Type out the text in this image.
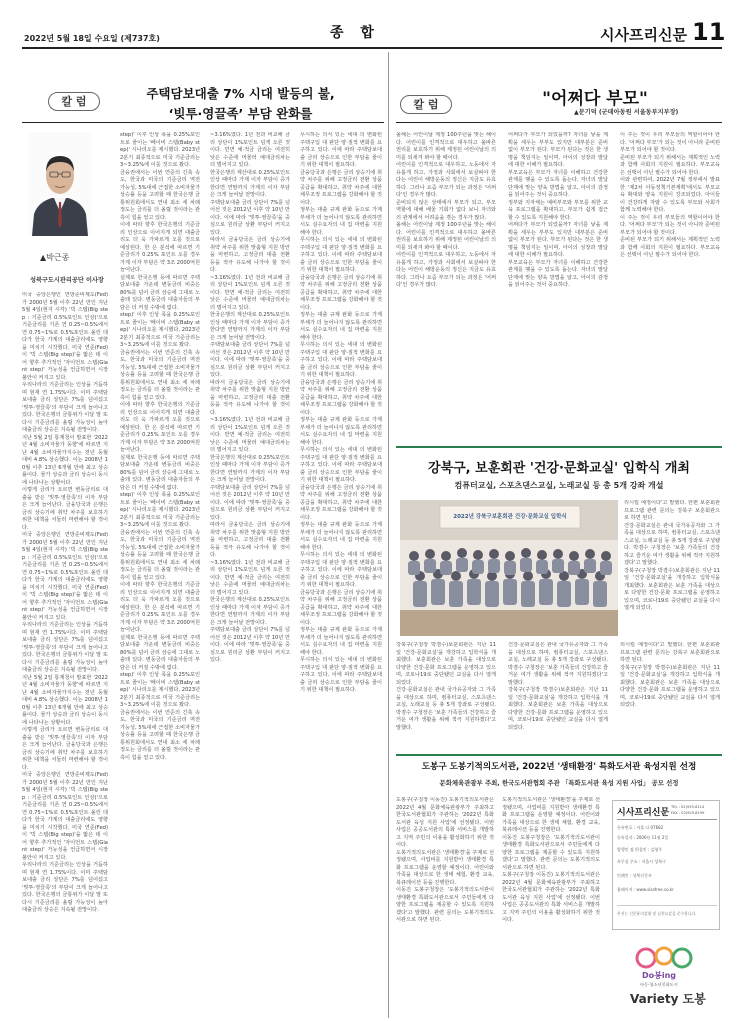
2022년 5월 18일 수요일 (제737호)	종 합	시사프리신문 11
칼 럼
주택담보대출 7% 시대 발등의 불,
‘빚투·영끌족’ 부담 완화를
▲박근종
성북구도시관리공단 이사장

미국 중앙은행인 연방준비제도(Fed)가 2000년 5월 이후 22년 만인 지난 5월 4일(현지 시각) '빅 스텝(Big step : 기준금리 0.5%포인트 인상)'으로 기준금리를 기존 연 0.25~0.5%에서 연 0.75~1%로 0.5%포인트 올린 데다가 한국 가계의 대출금리에도 영향을 미치기 시작했다. 미국 연준(Fed)이 '빅 스텝(Big step)'을 밟은 데 이어 향후 추가적인 '자이언트 스텝(Giant step)' 가능성을 언급하면서 시장 불안이 커지고 있다.

우리나라의 기준금리는 인상을 거듭하며 현재 연 1.75%이다. 이미 주택담보대출 금리 상단은 7%를 넘어섰고 '빚투·영끌족'의 부담이 크게 늘어나고 있다. 한국은행의 금통위가 이달 말 또다시 기준금리를 올릴 가능성이 높아 대출금리 상승은 지속될 전망이다.

지난 5월 2일 통계청이 발표한 '2022년 4월 소비자물가 동향'에 따르면 지난 4월 소비자물가지수는 전년 동월 대비 4.8% 상승했다. 이는 2008년 10월 이후 13년 6개월 만에 최고 상승률이다. 물가 상승과 금리 상승이 동시에 나타나는 상황이다.

이렇게 금리가 오르면 변동금리로 대출을 받은 '빚투·영끌족'의 이자 부담은 크게 늘어난다. 금융당국과 은행은 금리 상승기에 취약 차주를 보호하기 위한 대책을 서둘러 마련해야 할 것이다.

미국 중앙은행인 연방준비제도(Fed)가 2000년 5월 이후 22년 만인 지난 5월 4일(현지 시각) '빅 스텝(Big step : 기준금리 0.5%포인트 인상)'으로 기준금리를 기존 연 0.25~0.5%에서 연 0.75~1%로 0.5%포인트 올린 데다가 한국 가계의 대출금리에도 영향을 미치기 시작했다. 미국 연준(Fed)이 '빅 스텝(Big step)'을 밟은 데 이어 향후 추가적인 '자이언트 스텝(Giant step)' 가능성을 언급하면서 시장 불안이 커지고 있다.

우리나라의 기준금리는 인상을 거듭하며 현재 연 1.75%이다. 이미 주택담보대출 금리 상단은 7%를 넘어섰고 '빚투·영끌족'의 부담이 크게 늘어나고 있다. 한국은행의 금통위가 이달 말 또다시 기준금리를 올릴 가능성이 높아 대출금리 상승은 지속될 전망이다.

지난 5월 2일 통계청이 발표한 '2022년 4월 소비자물가 동향'에 따르면 지난 4월 소비자물가지수는 전년 동월 대비 4.8% 상승했다. 이는 2008년 10월 이후 13년 6개월 만에 최고 상승률이다. 물가 상승과 금리 상승이 동시에 나타나는 상황이다.

이렇게 금리가 오르면 변동금리로 대출을 받은 '빚투·영끌족'의 이자 부담은 크게 늘어난다. 금융당국과 은행은 금리 상승기에 취약 차주를 보호하기 위한 대책을 서둘러 마련해야 할 것이다.

미국 중앙은행인 연방준비제도(Fed)가 2000년 5월 이후 22년 만인 지난 5월 4일(현지 시각) '빅 스텝(Big step : 기준금리 0.5%포인트 인상)'으로 기준금리를 기존 연 0.25~0.5%에서 연 0.75~1%로 0.5%포인트 올린 데다가 한국 가계의 대출금리에도 영향을 미치기 시작했다. 미국 연준(Fed)이 '빅 스텝(Big step)'을 밟은 데 이어 향후 추가적인 '자이언트 스텝(Giant step)' 가능성을 언급하면서 시장 불안이 커지고 있다.

우리나라의 기준금리는 인상을 거듭하며 현재 연 1.75%이다. 이미 주택담보대출 금리 상단은 7%를 넘어섰고 '빚투·영끌족'의 부담이 크게 늘어나고 있다. 한국은행의 금통위가 이달 말 또다시 기준금리를 올릴 가능성이 높아 대출금리 상승은 지속될 전망이다.

step)' 이후 인상 폭을 0.25%포인트로 줄이는 '베이비 스텝(Baby step)' 시나리오를 제시했다. 2023년 2분기 최종적으로 미국 기준금리는 3~3.25%에 이를 것으로 봤다.

금융권에서는 이번 연준의 긴축 속도, 한국과 미국의 기준금리 역전 가능성, 5%대에 근접한 소비자물가 상승률 등을 고려할 때 한국은행 금통위원회에서도 연내 최소 세 차례 정도는 금리를 더 올릴 것이라는 관측이 힘을 얻고 있다.

이에 따라 향후 한국은행의 기준금리 인상으로 이어지게 되면 대출금리도 더 욱 가파르게 오를 것으로 예상된다. 한 은 분석에 따르면 기준금리가 0.25% 포인트 오를 경우 가계 이자 부담은 약 3조 2000억원 늘어난다.

실제로 한국은행 등에 따르면 주택담보대출 가운데 변동금리 비중은 80%를 넘어 금리 상승에 그대로 노출돼 있다. 변동금리 대출자들의 부담은 더 커질 수밖에 없다.

step)' 이후 인상 폭을 0.25%포인트로 줄이는 '베이비 스텝(Baby step)' 시나리오를 제시했다. 2023년 2분기 최종적으로 미국 기준금리는 3~3.25%에 이를 것으로 봤다.

금융권에서는 이번 연준의 긴축 속도, 한국과 미국의 기준금리 역전 가능성, 5%대에 근접한 소비자물가 상승률 등을 고려할 때 한국은행 금통위원회에서도 연내 최소 세 차례 정도는 금리를 더 올릴 것이라는 관측이 힘을 얻고 있다.

이에 따라 향후 한국은행의 기준금리 인상으로 이어지게 되면 대출금리도 더 욱 가파르게 오를 것으로 예상된다. 한 은 분석에 따르면 기준금리가 0.25% 포인트 오를 경우 가계 이자 부담은 약 3조 2000억원 늘어난다.

실제로 한국은행 등에 따르면 주택담보대출 가운데 변동금리 비중은 80%를 넘어 금리 상승에 그대로 노출돼 있다. 변동금리 대출자들의 부담은 더 커질 수밖에 없다.

step)' 이후 인상 폭을 0.25%포인트로 줄이는 '베이비 스텝(Baby step)' 시나리오를 제시했다. 2023년 2분기 최종적으로 미국 기준금리는 3~3.25%에 이를 것으로 봤다.

금융권에서는 이번 연준의 긴축 속도, 한국과 미국의 기준금리 역전 가능성, 5%대에 근접한 소비자물가 상승률 등을 고려할 때 한국은행 금통위원회에서도 연내 최소 세 차례 정도는 금리를 더 올릴 것이라는 관측이 힘을 얻고 있다.

이에 따라 향후 한국은행의 기준금리 인상으로 이어지게 되면 대출금리도 더 욱 가파르게 오를 것으로 예상된다. 한 은 분석에 따르면 기준금리가 0.25% 포인트 오를 경우 가계 이자 부담은 약 3조 2000억원 늘어난다.

실제로 한국은행 등에 따르면 주택담보대출 가운데 변동금리 비중은 80%를 넘어 금리 상승에 그대로 노출돼 있다. 변동금리 대출자들의 부담은 더 커질 수밖에 없다.

step)' 이후 인상 폭을 0.25%포인트로 줄이는 '베이비 스텝(Baby step)' 시나리오를 제시했다. 2023년 2분기 최종적으로 미국 기준금리는 3~3.25%에 이를 것으로 봤다.

금융권에서는 이번 연준의 긴축 속도, 한국과 미국의 기준금리 역전 가능성, 5%대에 근접한 소비자물가 상승률 등을 고려할 때 한국은행 금통위원회에서도 연내 최소 세 차례 정도는 금리를 더 올릴 것이라는 관측이 힘을 얻고 있다.

~3.16%였다. 1년 전과 비교해 금리 상단이 1%포인트 넘게 오른 것이다. 반면 예·적금 금리는 여전히 낮은 수준에 머물러 예대금리차는 더 벌어지고 있다.

한국은행의 계산대로 0.25%포인트 인상 때마다 가계 이자 부담이 증가한다면 연말까지 가계의 이자 부담은 크게 늘어날 전망이다.

주택담보대출 금리 상단이 7%를 넘어선 것은 2012년 이후 약 10년 만이다. 이에 따라 '빚투·영끌족'을 중심으로 원리금 상환 부담이 커지고 있다.

따라서 금융당국은 금리 상승기에 취약 차주를 위한 맞춤형 지원 방안을 마련하고, 고정금리 대출 전환 등을 적극 유도해 나가야 할 것이다.

~3.16%였다. 1년 전과 비교해 금리 상단이 1%포인트 넘게 오른 것이다. 반면 예·적금 금리는 여전히 낮은 수준에 머물러 예대금리차는 더 벌어지고 있다.

한국은행의 계산대로 0.25%포인트 인상 때마다 가계 이자 부담이 증가한다면 연말까지 가계의 이자 부담은 크게 늘어날 전망이다.

주택담보대출 금리 상단이 7%를 넘어선 것은 2012년 이후 약 10년 만이다. 이에 따라 '빚투·영끌족'을 중심으로 원리금 상환 부담이 커지고 있다.

따라서 금융당국은 금리 상승기에 취약 차주를 위한 맞춤형 지원 방안을 마련하고, 고정금리 대출 전환 등을 적극 유도해 나가야 할 것이다.

~3.16%였다. 1년 전과 비교해 금리 상단이 1%포인트 넘게 오른 것이다. 반면 예·적금 금리는 여전히 낮은 수준에 머물러 예대금리차는 더 벌어지고 있다.

한국은행의 계산대로 0.25%포인트 인상 때마다 가계 이자 부담이 증가한다면 연말까지 가계의 이자 부담은 크게 늘어날 전망이다.

주택담보대출 금리 상단이 7%를 넘어선 것은 2012년 이후 약 10년 만이다. 이에 따라 '빚투·영끌족'을 중심으로 원리금 상환 부담이 커지고 있다.

따라서 금융당국은 금리 상승기에 취약 차주를 위한 맞춤형 지원 방안을 마련하고, 고정금리 대출 전환 등을 적극 유도해 나가야 할 것이다.

~3.16%였다. 1년 전과 비교해 금리 상단이 1%포인트 넘게 오른 것이다. 반면 예·적금 금리는 여전히 낮은 수준에 머물러 예대금리차는 더 벌어지고 있다.

한국은행의 계산대로 0.25%포인트 인상 때마다 가계 이자 부담이 증가한다면 연말까지 가계의 이자 부담은 크게 늘어날 전망이다.

주택담보대출 금리 상단이 7%를 넘어선 것은 2012년 이후 약 10년 만이다. 이에 따라 '빚투·영끌족'을 중심으로 원리금 상환 부담이 커지고 있다.

무시하는 의식 있는 세대 의 변화된 주택구입 대 판단 양·질적 변화를 요구하고 있다. 이에 따라 주택담보대출 금리 상승으로 인한 부담을 줄이기 위한 대책이 필요하다.

금융당국과 은행은 금리 상승기에 취약 차주를 위해 고정금리 전환 상품 공급을 확대하고, 취약 차주에 대한 채무조정 프로그램을 강화해야 할 것이다.

정부는 대출 규제 완화 등으로 가계부채가 더 늘어나지 않도록 관리하면서도 실수요자의 내 집 마련을 지원해야 한다.

무시하는 의식 있는 세대 의 변화된 주택구입 대 판단 양·질적 변화를 요구하고 있다. 이에 따라 주택담보대출 금리 상승으로 인한 부담을 줄이기 위한 대책이 필요하다.

금융당국과 은행은 금리 상승기에 취약 차주를 위해 고정금리 전환 상품 공급을 확대하고, 취약 차주에 대한 채무조정 프로그램을 강화해야 할 것이다.

정부는 대출 규제 완화 등으로 가계부채가 더 늘어나지 않도록 관리하면서도 실수요자의 내 집 마련을 지원해야 한다.

무시하는 의식 있는 세대 의 변화된 주택구입 대 판단 양·질적 변화를 요구하고 있다. 이에 따라 주택담보대출 금리 상승으로 인한 부담을 줄이기 위한 대책이 필요하다.

금융당국과 은행은 금리 상승기에 취약 차주를 위해 고정금리 전환 상품 공급을 확대하고, 취약 차주에 대한 채무조정 프로그램을 강화해야 할 것이다.

정부는 대출 규제 완화 등으로 가계부채가 더 늘어나지 않도록 관리하면서도 실수요자의 내 집 마련을 지원해야 한다.

무시하는 의식 있는 세대 의 변화된 주택구입 대 판단 양·질적 변화를 요구하고 있다. 이에 따라 주택담보대출 금리 상승으로 인한 부담을 줄이기 위한 대책이 필요하다.

금융당국과 은행은 금리 상승기에 취약 차주를 위해 고정금리 전환 상품 공급을 확대하고, 취약 차주에 대한 채무조정 프로그램을 강화해야 할 것이다.

정부는 대출 규제 완화 등으로 가계부채가 더 늘어나지 않도록 관리하면서도 실수요자의 내 집 마련을 지원해야 한다.

무시하는 의식 있는 세대 의 변화된 주택구입 대 판단 양·질적 변화를 요구하고 있다. 이에 따라 주택담보대출 금리 상승으로 인한 부담을 줄이기 위한 대책이 필요하다.

금융당국과 은행은 금리 상승기에 취약 차주를 위해 고정금리 전환 상품 공급을 확대하고, 취약 차주에 대한 채무조정 프로그램을 강화해야 할 것이다.

정부는 대출 규제 완화 등으로 가계부채가 더 늘어나지 않도록 관리하면서도 실수요자의 내 집 마련을 지원해야 한다.

무시하는 의식 있는 세대 의 변화된 주택구입 대 판단 양·질적 변화를 요구하고 있다. 이에 따라 주택담보대출 금리 상승으로 인한 부담을 줄이기 위한 대책이 필요하다.

칼 럼	"어쩌다 부모"
▲문기덕 (군데아동원 서울동부지부장)

올해는 어린이날 제정 100주년을 맞는 해이다. 어린이를 인격적으로 대우하고 올바른 권리를 보호하기 위해 제정된 어린이날의 의미를 되새겨 봐야 할 때이다.

어린이를 인격적으로 대우하고, 노동에서 자유롭게 하고, 가정과 사회에서 보살펴야 한다는 어린이 해방운동의 정신은 지금도 유효하다. 그러나 요즘 부모가 되는 과정은 '어쩌다'인 경우가 많다.

준비되지 않은 상태에서 부모가 되고, 부모 역할에 대해 배울 기회가 없다 보니 자녀와의 관계에서 어려움을 겪는 경우가 많다.

올해는 어린이날 제정 100주년을 맞는 해이다. 어린이를 인격적으로 대우하고 올바른 권리를 보호하기 위해 제정된 어린이날의 의미를 되새겨 봐야 할 때이다.

어린이를 인격적으로 대우하고, 노동에서 자유롭게 하고, 가정과 사회에서 보살펴야 한다는 어린이 해방운동의 정신은 지금도 유효하다. 그러나 요즘 부모가 되는 과정은 '어쩌다'인 경우가 많다.

어쩌다가 부모가 되었을까? 자녀를 낳을 계획을 세우는 부부도 있지만 대부분은 준비 없이 부모가 된다. 부모가 된다는 것은 한 생명을 책임지는 일이며, 아이의 성장과 발달에 대한 이해가 필요하다.

부모교육은 부모가 자녀를 이해하고 건강한 관계를 맺을 수 있도록 돕는다. 자녀의 발달 단계에 맞는 양육 방법을 알고, 아이의 감정을 읽어주는 것이 중요하다.

정부와 지자체는 예비부모와 부모를 위한 교육 프로그램을 확대하고, 부모가 쉽게 접근할 수 있도록 지원해야 한다.

어쩌다가 부모가 되었을까? 자녀를 낳을 계획을 세우는 부부도 있지만 대부분은 준비 없이 부모가 된다. 부모가 된다는 것은 한 생명을 책임지는 일이며, 아이의 성장과 발달에 대한 이해가 필요하다.

부모교육은 부모가 자녀를 이해하고 건강한 관계를 맺을 수 있도록 돕는다. 자녀의 발달 단계에 맞는 양육 방법을 알고, 아이의 감정을 읽어주는 것이 중요하다.

이 주는 것이 우리 부모들의 역할이어야 한다. '어쩌다 부모'가 되는 것이 아니라 준비된 부모가 되어야 할 것이다.

준비된 부모가 되기 위해서는 계획적인 노력과 함께 사회의 지원이 필요하다. 부모교육은 선택이 아닌 필수가 되어야 한다.

이와 관련하여, 2022년 7월 정부에서 발표한 '제2차 아동정책기본계획'에서도 부모교육 확대와 양육 지원이 강조되었다. 아이들이 건강하게 자랄 수 있도록 부모와 사회가 함께 노력해야 한다.

이 주는 것이 우리 부모들의 역할이어야 한다. '어쩌다 부모'가 되는 것이 아니라 준비된 부모가 되어야 할 것이다.

준비된 부모가 되기 위해서는 계획적인 노력과 함께 사회의 지원이 필요하다. 부모교육은 선택이 아닌 필수가 되어야 한다.

강북구, 보훈회관 '건강·문화교실' 입학식 개최
컴퓨터교실, 스포츠댄스교실, 노래교실 등 총 5개 강좌 개설
2022년 강북구보훈회관 건강·문화교실 입학식

리시킬 예정이다'고 말했다. 한편 보훈회관 프로그램 관련 문의는 강북구 보훈회관으로 하면 된다.

건강·문화교실은 관내 국가유공자와 그 가족을 대상으로 하며, 컴퓨터교실, 스포츠댄스교실, 노래교실 등 총 5개 강좌로 구성됐다. 박겸수 구청장은 '보훈 가족들의 건강하고 즐거운 여가 생활을 위해 적극 지원하겠다'고 말했다.

강북구(구청장 박겸수)보훈회관은 지난 11일 '건강·문화교실'을 개강하고 입학식을 개최했다. 보훈회관은 보훈 가족을 대상으로 다양한 건강·문화 프로그램을 운영하고 있으며, 코로나19로 중단됐던 교실을 다시 열게 되었다.

강북구(구청장 박겸수)보훈회관은 지난 11일 '건강·문화교실'을 개강하고 입학식을 개최했다. 보훈회관은 보훈 가족을 대상으로 다양한 건강·문화 프로그램을 운영하고 있으며, 코로나19로 중단됐던 교실을 다시 열게 되었다.

건강·문화교실은 관내 국가유공자와 그 가족을 대상으로 하며, 컴퓨터교실, 스포츠댄스교실, 노래교실 등 총 5개 강좌로 구성됐다. 박겸수 구청장은 '보훈 가족들의 건강하고 즐거운 여가 생활을 위해 적극 지원하겠다'고 말했다.

건강·문화교실은 관내 국가유공자와 그 가족을 대상으로 하며, 컴퓨터교실, 스포츠댄스교실, 노래교실 등 총 5개 강좌로 구성됐다. 박겸수 구청장은 '보훈 가족들의 건강하고 즐거운 여가 생활을 위해 적극 지원하겠다'고 말했다.

강북구(구청장 박겸수)보훈회관은 지난 11일 '건강·문화교실'을 개강하고 입학식을 개최했다. 보훈회관은 보훈 가족을 대상으로 다양한 건강·문화 프로그램을 운영하고 있으며, 코로나19로 중단됐던 교실을 다시 열게 되었다.

리시킬 예정이다'고 말했다. 한편 보훈회관 프로그램 관련 문의는 강북구 보훈회관으로 하면 된다.

강북구(구청장 박겸수)보훈회관은 지난 11일 '건강·문화교실'을 개강하고 입학식을 개최했다. 보훈회관은 보훈 가족을 대상으로 다양한 건강·문화 프로그램을 운영하고 있으며, 코로나19로 중단됐던 교실을 다시 열게 되었다.

도봉구 도봉기적의도서관, 2022년 '생태환경' 특화도서관 육성지원 선정
문화체육관광부 주최, 한국도서관협회 주관 「특화도서관 육성 지원 사업」 공모 선정

도봉구(구청장 이동진) 도봉기적의도서관은 2022년 4월 문화체육관광부가 주최하고 한국도서관협회가 주관하는 '2022년 특화도서관 육성 지원 사업'에 선정됐다. 이번 사업은 공공도서관의 특화 서비스를 개발하고 지역 주민의 이용을 활성화하기 위한 것이다.

도봉기적의도서관은 '생태환경'을 주제로 선정됐으며, 사업비를 지원받아 생태환경 특화 프로그램을 운영할 예정이다. 어린이와 가족을 대상으로 한 생태 체험, 환경 교육, 북큐레이션 등을 진행한다.

이동진 도봉구청장은 '도봉기적의도서관이 생태환경 특화도서관으로서 주민들에게 다양한 프로그램을 제공할 수 있도록 지원하겠다'고 말했다. 관련 문의는 도봉기적의도서관으로 하면 된다.

도봉기적의도서관은 '생태환경'을 주제로 선정됐으며, 사업비를 지원받아 생태환경 특화 프로그램을 운영할 예정이다. 어린이와 가족을 대상으로 한 생태 체험, 환경 교육, 북큐레이션 등을 진행한다.

이동진 도봉구청장은 '도봉기적의도서관이 생태환경 특화도서관으로서 주민들에게 다양한 프로그램을 제공할 수 있도록 지원하겠다'고 말했다. 관련 문의는 도봉기적의도서관으로 하면 된다.

도봉구(구청장 이동진) 도봉기적의도서관은 2022년 4월 문화체육관광부가 주최하고 한국도서관협회가 주관하는 '2022년 특화도서관 육성 지원 사업'에 선정됐다. 이번 사업은 공공도서관의 특화 서비스를 개발하고 지역 주민의 이용을 활성화하기 위한 것이다.

시사프리신문
TEL : 02)929-8114
FAX : 02)929-8199
등록번호 : 서울 다 07682
등록일자 : 2006년 11월 2일
발행인 겸 편집인 : 김영주
사무실 주소 : 서울시 성북구
인쇄인 : 성북신문사
홈페이지 : www.sisafree.co.kr
본지는 신문윤리강령 및 실천요강을 준수합니다.
Do봉ing
아동·청소년친화도시
Variety 도봉
